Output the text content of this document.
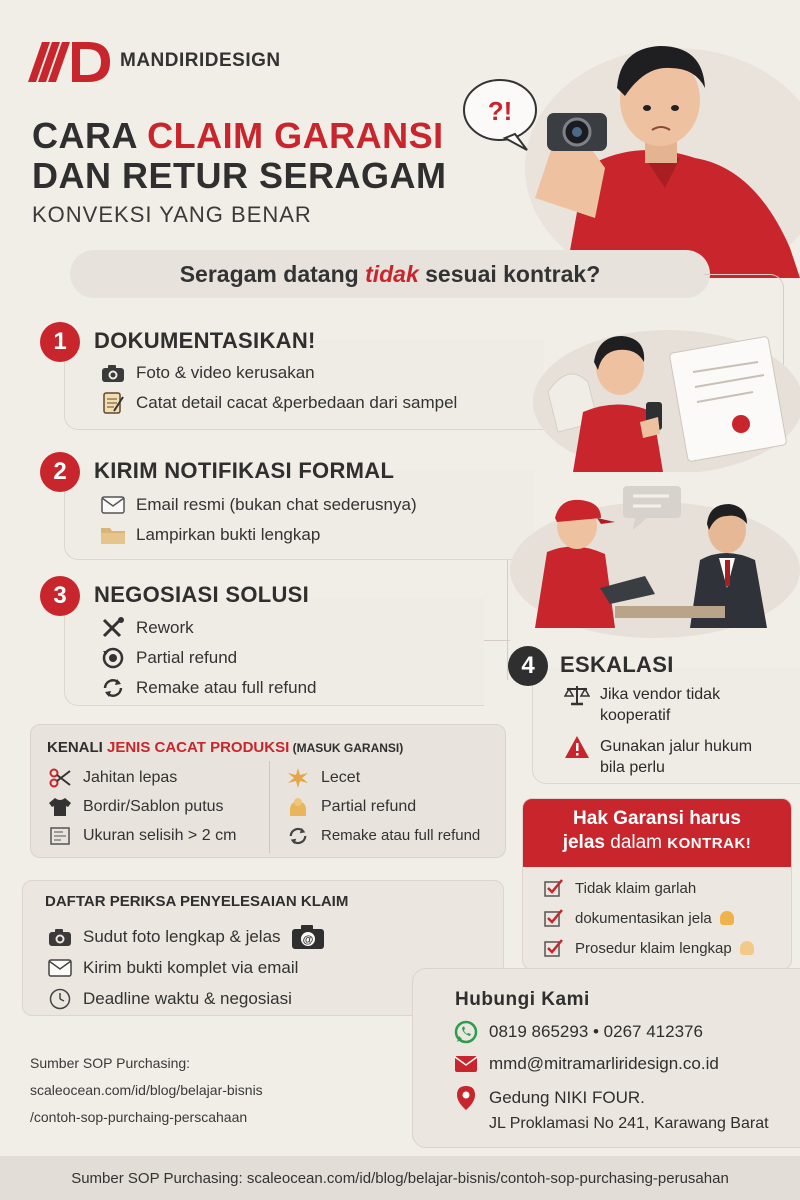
MANDIRIDESIGN
CARA CLAIM GARANSI
DAN RETUR SERAGAM
KONVEKSI YANG BENAR
?!
Seragam datang
tidak
sesuai kontrak?
1	DOKUMENTASIKAN!
Foto & video kerusakan
Catat detail cacat &perbedaan dari sampel
2	KIRIM NOTIFIKASI FORMAL
Email resmi (bukan chat sederusnya)
Lampirkan bukti lengkap
3	NEGOSIASI SOLUSI
Rework
Partial refund
Remake atau full refund
4	ESKALASI
Jika vendor tidak
kooperatif
Gunakan jalur hukum
bila perlu
KENALI JENIS CACAT PRODUKSI (MASUK GARANSI)
Jahitan lepas
Bordir/Sablon putus
Ukuran selisih > 2 cm
Lecet
Partial refund
Remake atau full refund
DAFTAR PERIKSA PENYELESAIAN KLAIM
Sudut foto lengkap & jelas @
Kirim bukti komplet via email
Deadline waktu & negosiasi
Hak Garansi harus
jelas dalam KONTRAK!
Tidak klaim garlah
dokumentasikan jela
Prosedur klaim lengkap
Hubungi Kami
0819 865293 • 0267 412376
mmd@mitramarliridesign.co.id
Gedung NIKI FOUR.
JL Proklamasi No 241, Karawang Barat
Sumber SOP Purchasing:
scaleocean.com/id/blog/belajar-bisnis
/contoh-sop-purchaing-perscahaan
Sumber SOP Purchasing: scaleocean.com/id/blog/belajar-bisnis/contoh-sop-purchasing-perusahan
